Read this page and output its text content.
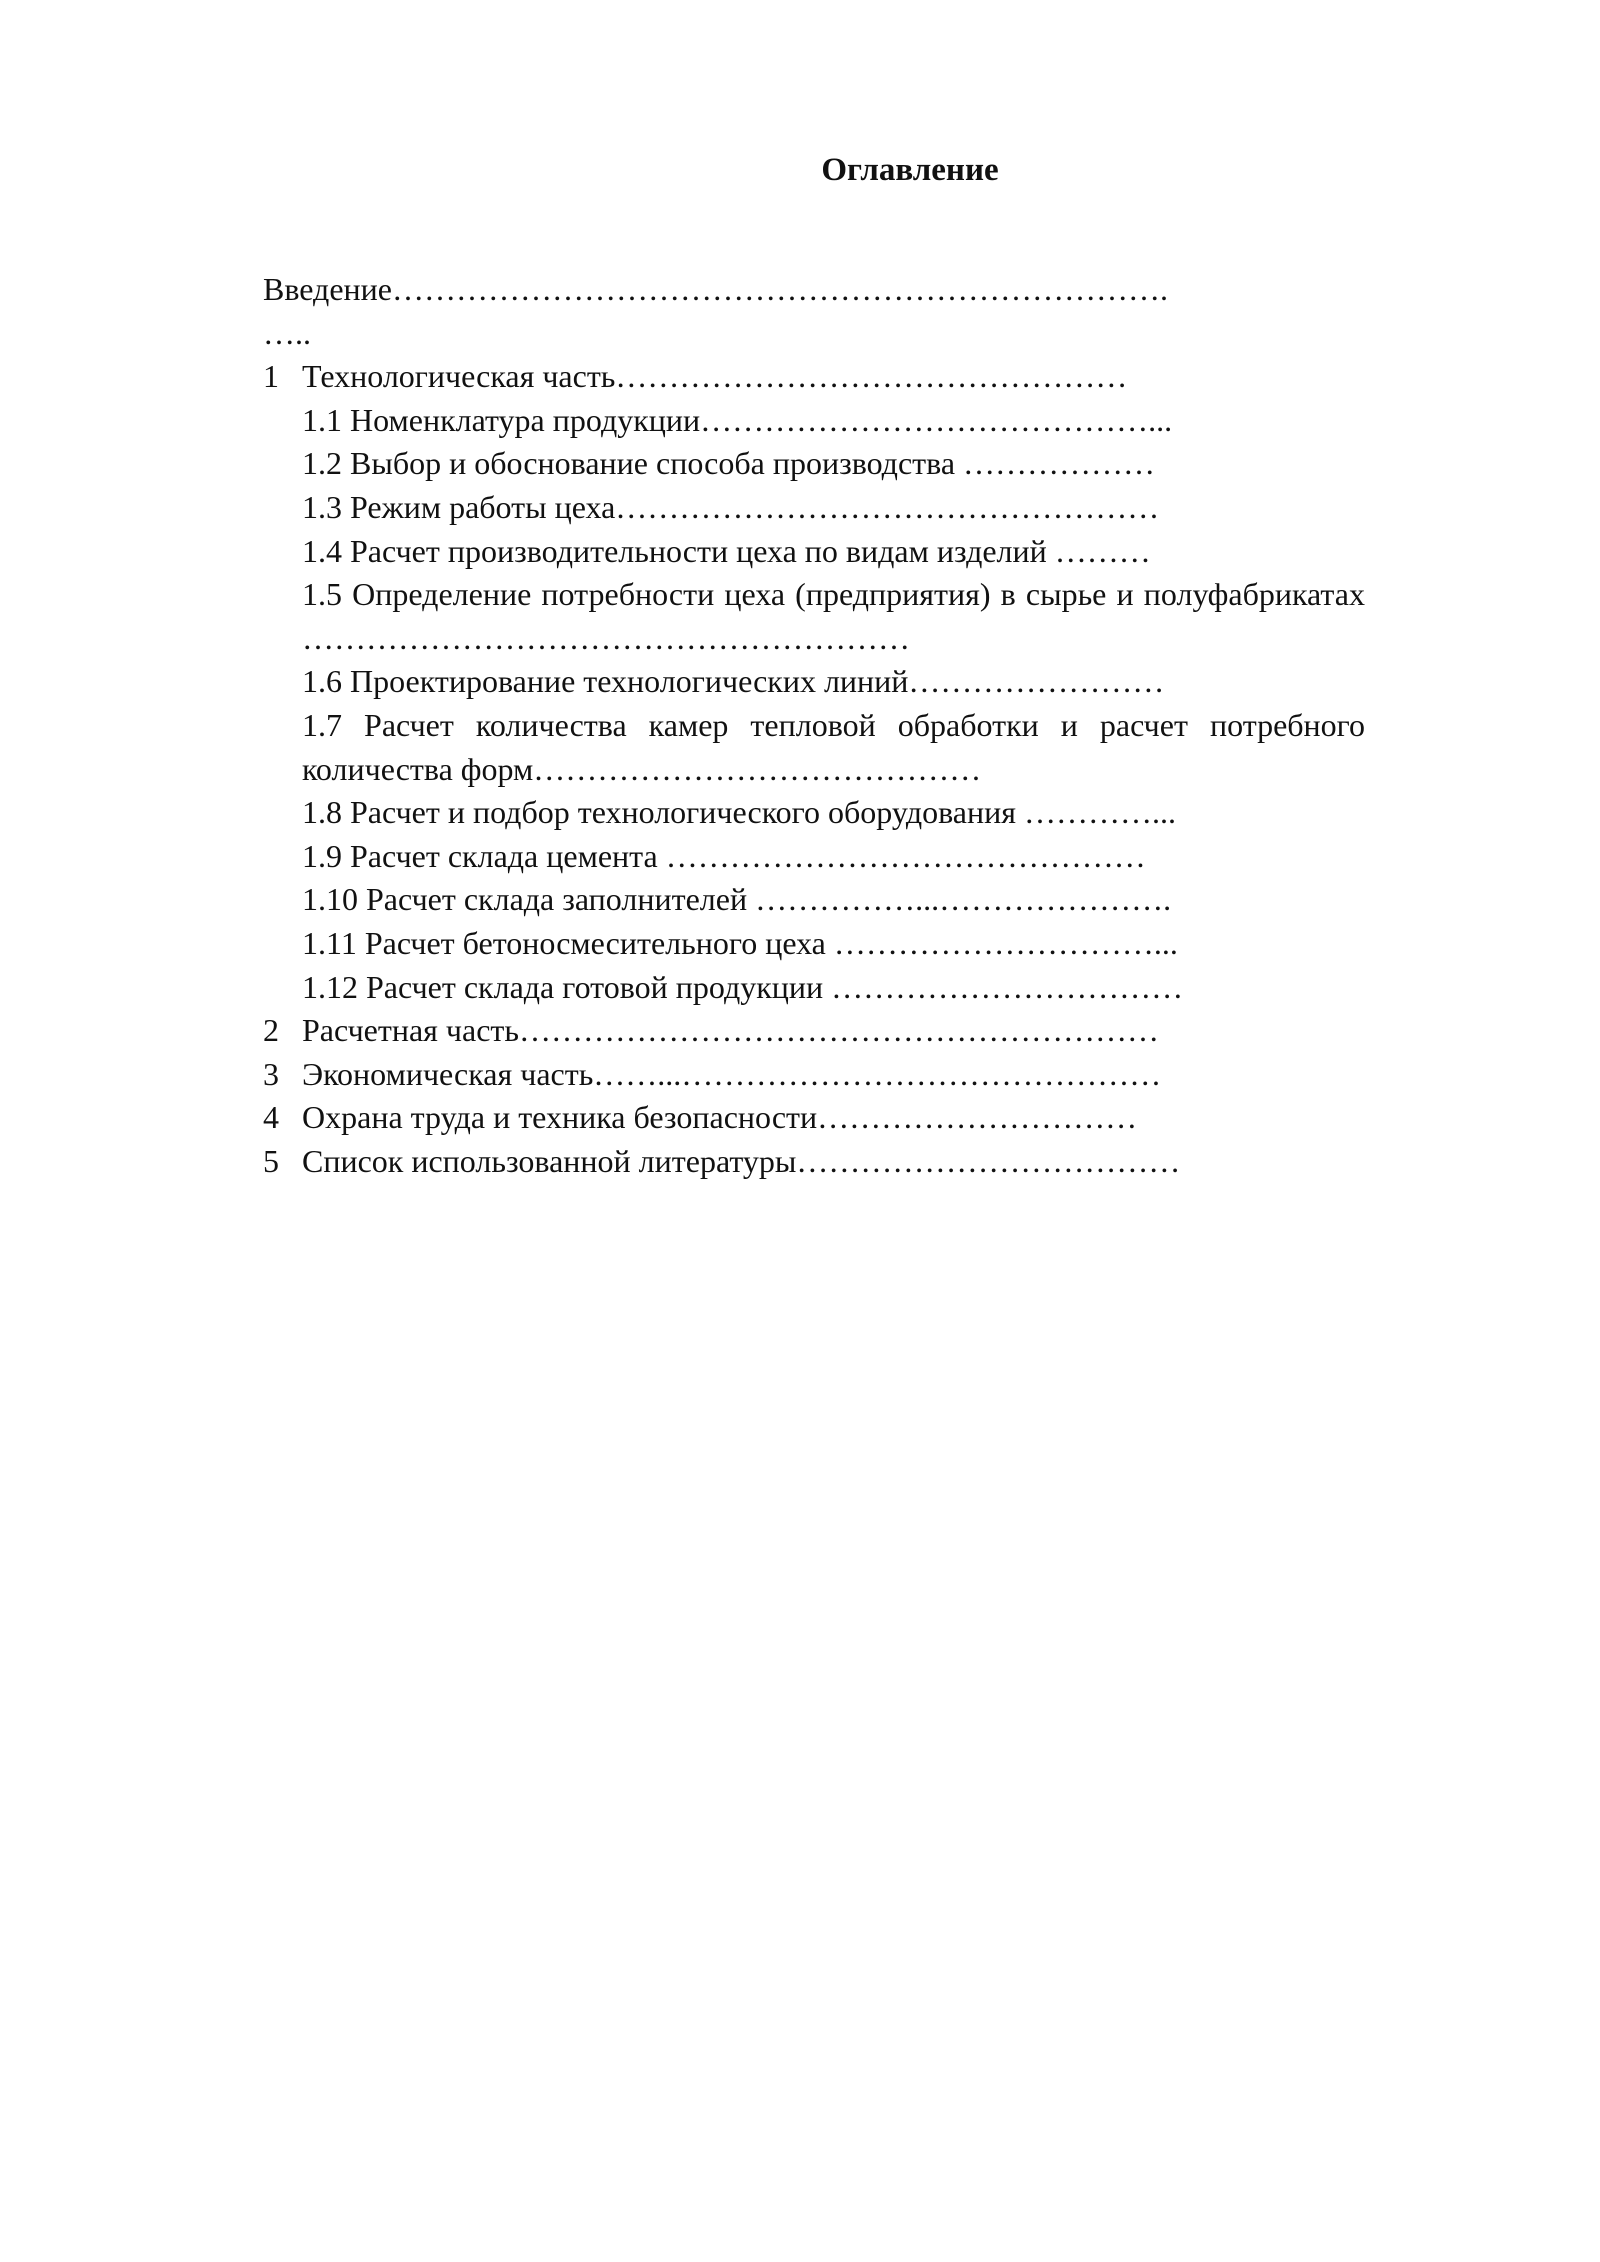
Оглавление
Введение……………………………………………………………….
…..
1 Технологическая часть…………………………………………
1.1 Номенклатура продукции……………………………………...
1.2 Выбор и обоснование способа производства ………………
1.3 Режим работы цеха……………………………………………
1.4 Расчет производительности цеха по видам изделий ………
1.5 Определение потребности цеха (предприятия) в сырье и полуфабрикатах …………………………………………………
1.6 Проектирование технологических линий……………………
1.7 Расчет количества камер тепловой обработки и расчет потребного количества форм……………………………………
1.8 Расчет и подбор технологического оборудования …………...
1.9 Расчет склада цемента ………………………………………
1.10 Расчет склада заполнителей ……………...………………….
1.11 Расчет бетоносмесительного цеха …………………………...
1.12 Расчет склада готовой продукции ……………………………
2 Расчетная часть……………………………………………………
3 Экономическая часть……...………………………………………
4 Охрана труда и техника безопасности…………………………
5 Список использованной литературы………………………………
